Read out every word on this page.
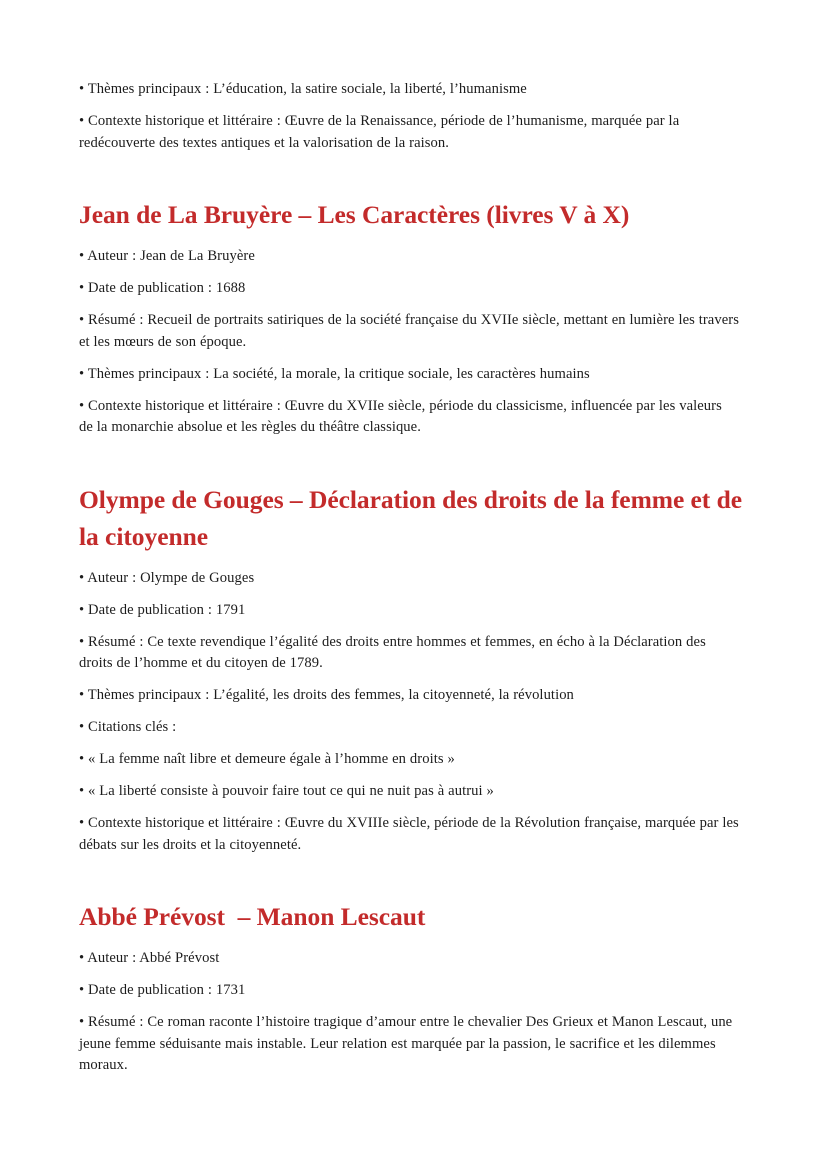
• Thèmes principaux : L’éducation, la satire sociale, la liberté, l’humanisme

• Contexte historique et littéraire : Œuvre de la Renaissance, période de l’humanisme, marquée par la redécouverte des textes antiques et la valorisation de la raison.

Jean de La Bruyère – Les Caractères (livres V à X)

• Auteur : Jean de La Bruyère

• Date de publication : 1688

• Résumé : Recueil de portraits satiriques de la société française du XVIIe siècle, mettant en lumière les travers et les mœurs de son époque.

• Thèmes principaux : La société, la morale, la critique sociale, les caractères humains

• Contexte historique et littéraire : Œuvre du XVIIe siècle, période du classicisme, influencée par les valeurs de la monarchie absolue et les règles du théâtre classique.

Olympe de Gouges – Déclaration des droits de la femme et de la citoyenne

• Auteur : Olympe de Gouges

• Date de publication : 1791

• Résumé : Ce texte revendique l’égalité des droits entre hommes et femmes, en écho à la Déclaration des droits de l’homme et du citoyen de 1789.

• Thèmes principaux : L’égalité, les droits des femmes, la citoyenneté, la révolution

• Citations clés :

• « La femme naît libre et demeure égale à l’homme en droits »

• « La liberté consiste à pouvoir faire tout ce qui ne nuit pas à autrui »

• Contexte historique et littéraire : Œuvre du XVIIIe siècle, période de la Révolution française, marquée par les débats sur les droits et la citoyenneté.

Abbé Prévost  – Manon Lescaut

• Auteur : Abbé Prévost

• Date de publication : 1731

• Résumé : Ce roman raconte l’histoire tragique d’amour entre le chevalier Des Grieux et Manon Lescaut, une jeune femme séduisante mais instable. Leur relation est marquée par la passion, le sacrifice et les dilemmes moraux.
